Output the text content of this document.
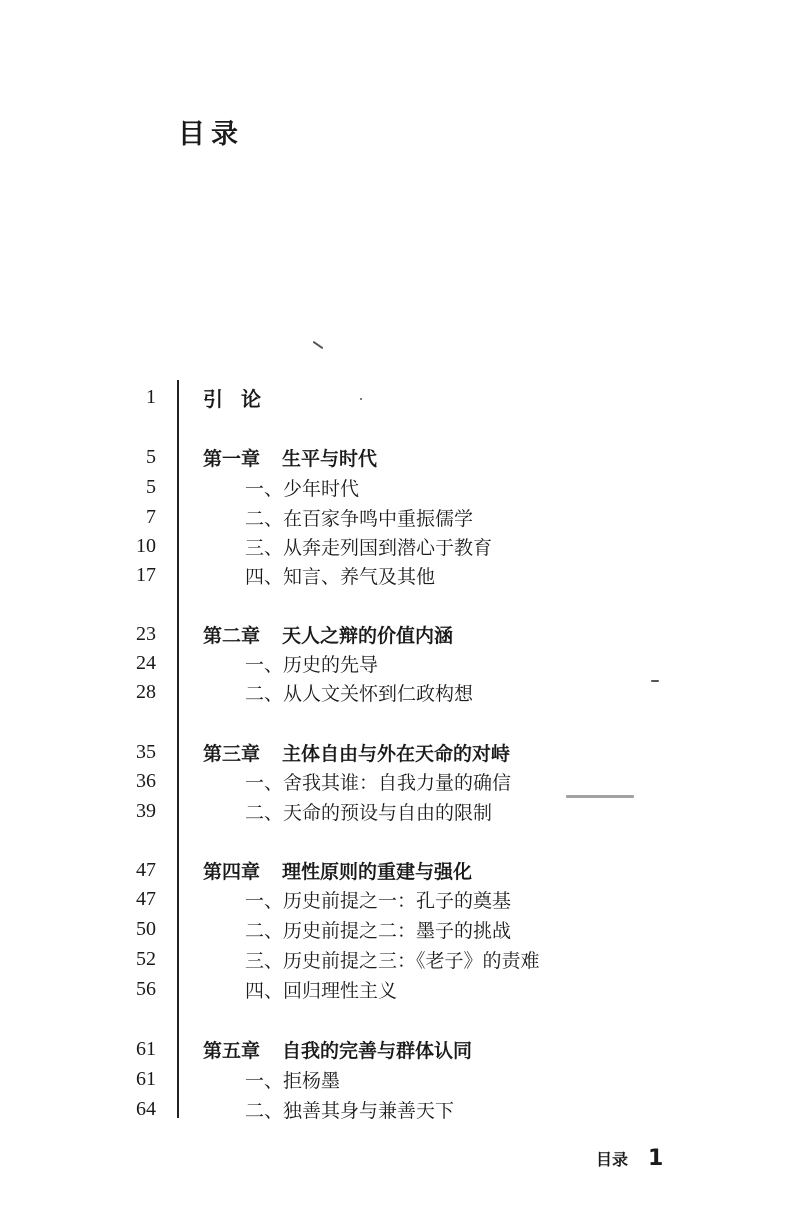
目录
1 引论
5 第一章 生平与时代
5	一、少年时代
7	二、在百家争鸣中重振儒学
10	三、从奔走列国到潜心于教育
17	四、知言、养气及其他
23 第二章 天人之辩的价值内涵
24	一、历史的先导
28	二、从人文关怀到仁政构想
35 第三章 主体自由与外在天命的对峙
36	一、舍我其谁：自我力量的确信
39	二、天命的预设与自由的限制
47 第四章 理性原则的重建与强化
47	一、历史前提之一：孔子的奠基
50	二、历史前提之二：墨子的挑战
52	三、历史前提之三：《老子》的责难
56	四、回归理性主义
61 第五章 自我的完善与群体认同
61	一、拒杨墨
64	二、独善其身与兼善天下
目录 1
